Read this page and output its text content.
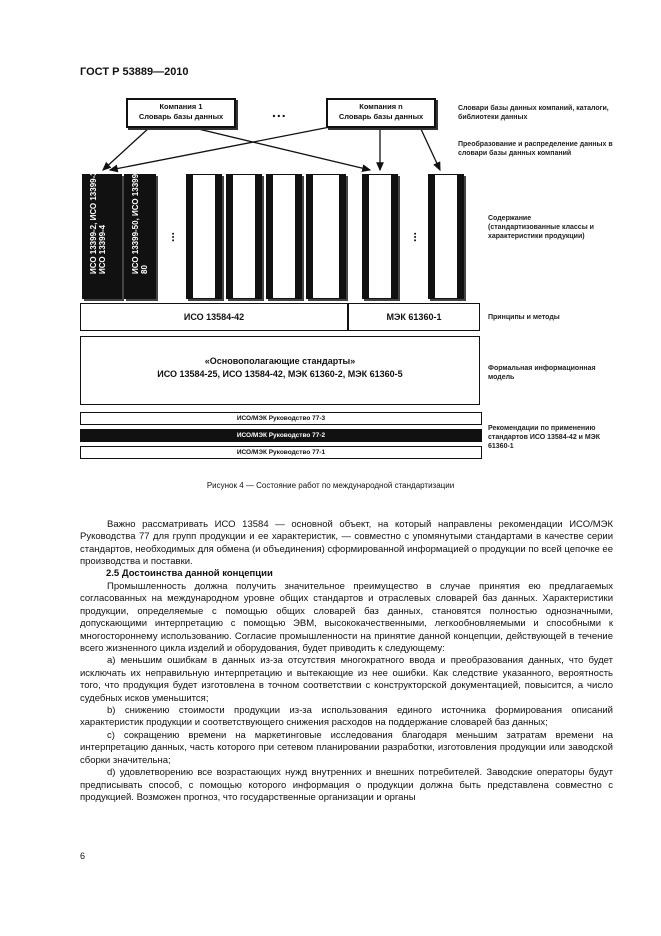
ГОСТ Р 53889—2010
Компания 1
Словарь базы данных	...	Компания n
Словарь базы данных
ИСО 13399-2, ИСО 13399-3, ИСО 13399-4	ИСО 13399-50, ИСО 13399-80
...	ИСО 13584-501	ИСО 13584-511	ИСО...	ИСО 23584	МЭК 61360-4-DB ...
МЭК 61987
ИСО 13584-42	МЭК 61360-1
«Основополагающие стандарты»
ИСО 13584-25, ИСО 13584-42, МЭК 61360-2, МЭК 61360-5
ИСО/МЭК Руководство 77-3
ИСО/МЭК Руководство 77-2
ИСО/МЭК Руководство 77-1
Словари базы данных компаний, каталоги, библиотеки данных
Преобразование и распределение данных в словари базы данных компаний
Содержание (стандартизованные классы и характеристики продукции)
Принципы и методы
Формальная информационная модель
Рекомендации по применению стандартов ИСО 13584-42 и МЭК 61360-1
Рисунок 4 — Состояние работ по международной стандартизации

Важно рассматривать ИСО 13584 — основной объект, на который направлены рекомендации ИСО/МЭК Руководства 77 для групп продукции и ее характеристик, — совместно с упомянутыми стандартами в качестве серии стандартов, необходимых для обмена (и объединения) сформированной информацией о продукции по всей цепочке ее производства и поставки.

2.5 Достоинства данной концепции

Промышленность должна получить значительное преимущество в случае принятия ею предлагаемых согласованных на международном уровне общих стандартов и отраслевых словарей баз данных. Характеристики продукции, определяемые с помощью общих словарей баз данных, становятся полностью однозначными, допускающими интерпретацию с помощью ЭВМ, высококачественными, легкообновляемыми и способными к многостороннему использованию. Согласие промышленности на принятие данной концепции, действующей в течение всего жизненного цикла изделий и оборудования, будет приводить к следующему:

a) меньшим ошибкам в данных из-за отсутствия многократного ввода и преобразования данных, что будет исключать их неправильную интерпретацию и вытекающие из нее ошибки. Как следствие указанного, вероятность того, что продукция будет изготовлена в точном соответствии с конструкторской документацией, повысится, а число судебных исков уменьшится;

b) снижению стоимости продукции из-за использования единого источника формирования описаний характеристик продукции и соответствующего снижения расходов на поддержание словарей баз данных;

c) сокращению времени на маркетинговые исследования благодаря меньшим затратам времени на интерпретацию данных, часть которого при сетевом планировании разработки, изготовления продукции или заводской сборки значительна;

d) удовлетворению все возрастающих нужд внутренних и внешних потребителей. Заводские операторы будут предписывать способ, с помощью которого информация о продукции должна быть представлена совместно с продукцией. Возможен прогноз, что государственные организации и органы

6
